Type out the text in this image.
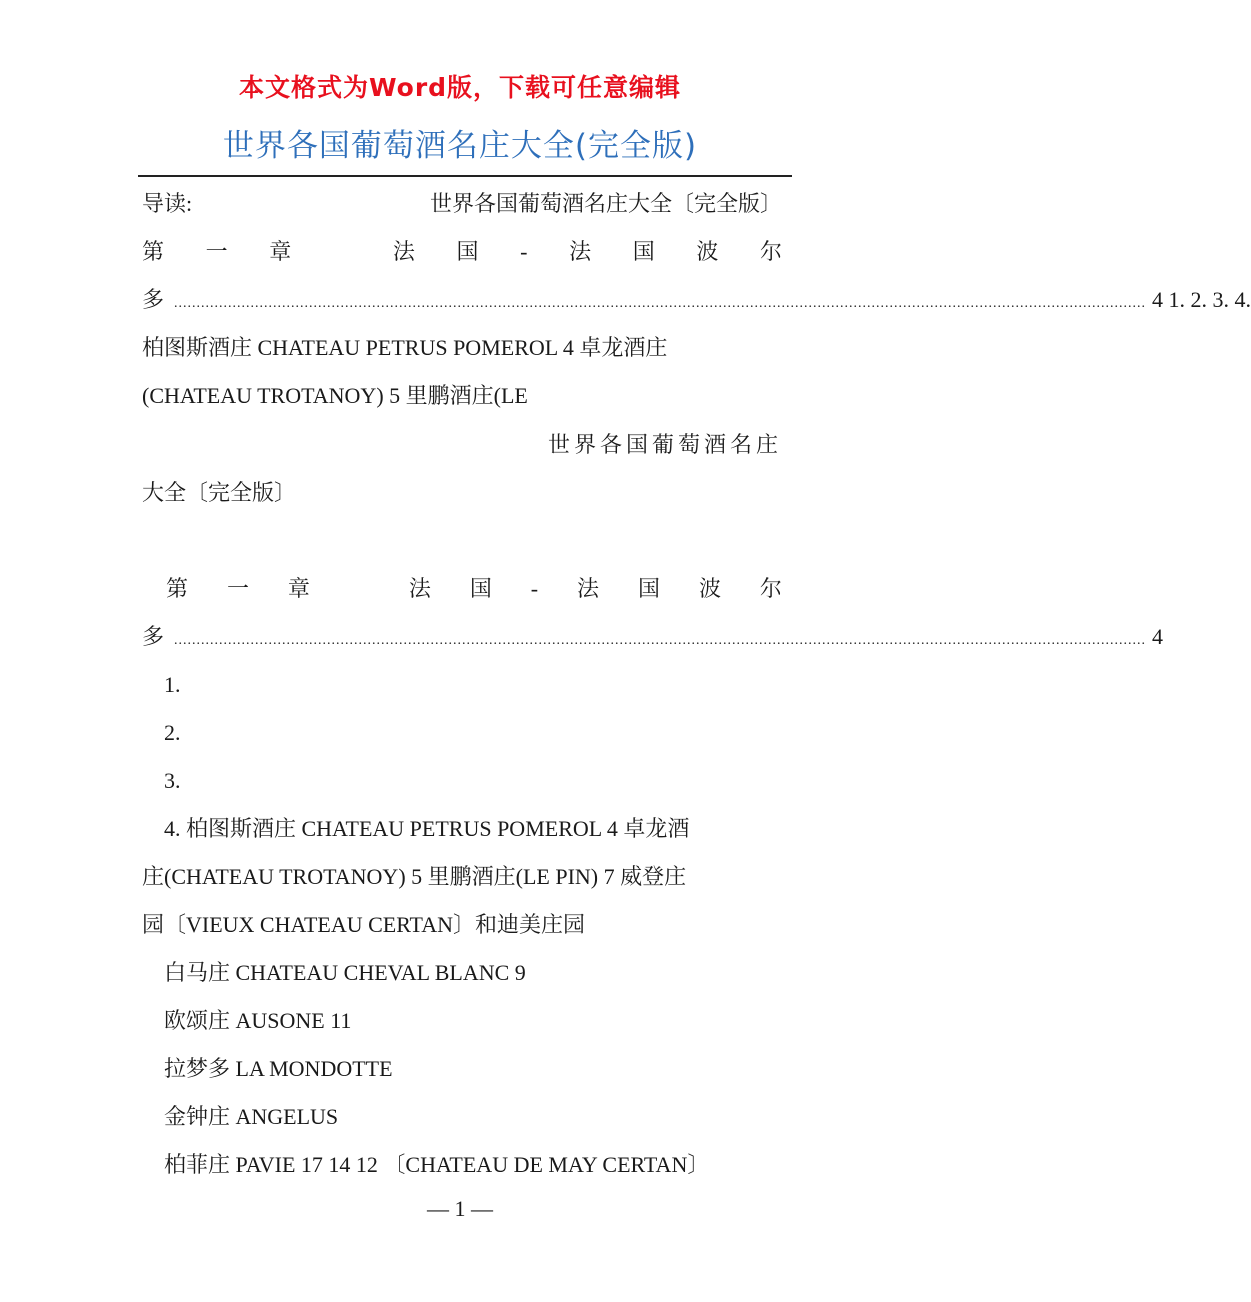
本文格式为Word版，下载可任意编辑
世界各国葡萄酒名庄大全(完全版)
导读:	世界各国葡萄酒名庄大全〔完全版〕
第 一 章	法 国 - 法 国 波 尔
多 ........................................................................................................................................................................................................................ 4 1. 2. 3. 4.
柏图斯酒庄 CHATEAU PETRUS POMEROL 4 卓龙酒庄
(CHATEAU TROTANOY) 5 里鹏酒庄(LE
世界各国葡萄酒名庄
大全〔完全版〕
第 一 章	法 国 - 法 国 波 尔
多 ........................................................................................................................................................................................................................ 4
1.
2.
3.
4. 柏图斯酒庄 CHATEAU PETRUS POMEROL 4 卓龙酒
庄(CHATEAU TROTANOY) 5 里鹏酒庄(LE PIN) 7 威登庄
园〔VIEUX CHATEAU CERTAN〕和迪美庄园
白马庄 CHATEAU CHEVAL BLANC 9
欧颂庄 AUSONE 11
拉梦多 LA MONDOTTE
金钟庄 ANGELUS
柏菲庄 PAVIE 17 14 12 〔CHATEAU DE MAY CERTAN〕
— 1 —
